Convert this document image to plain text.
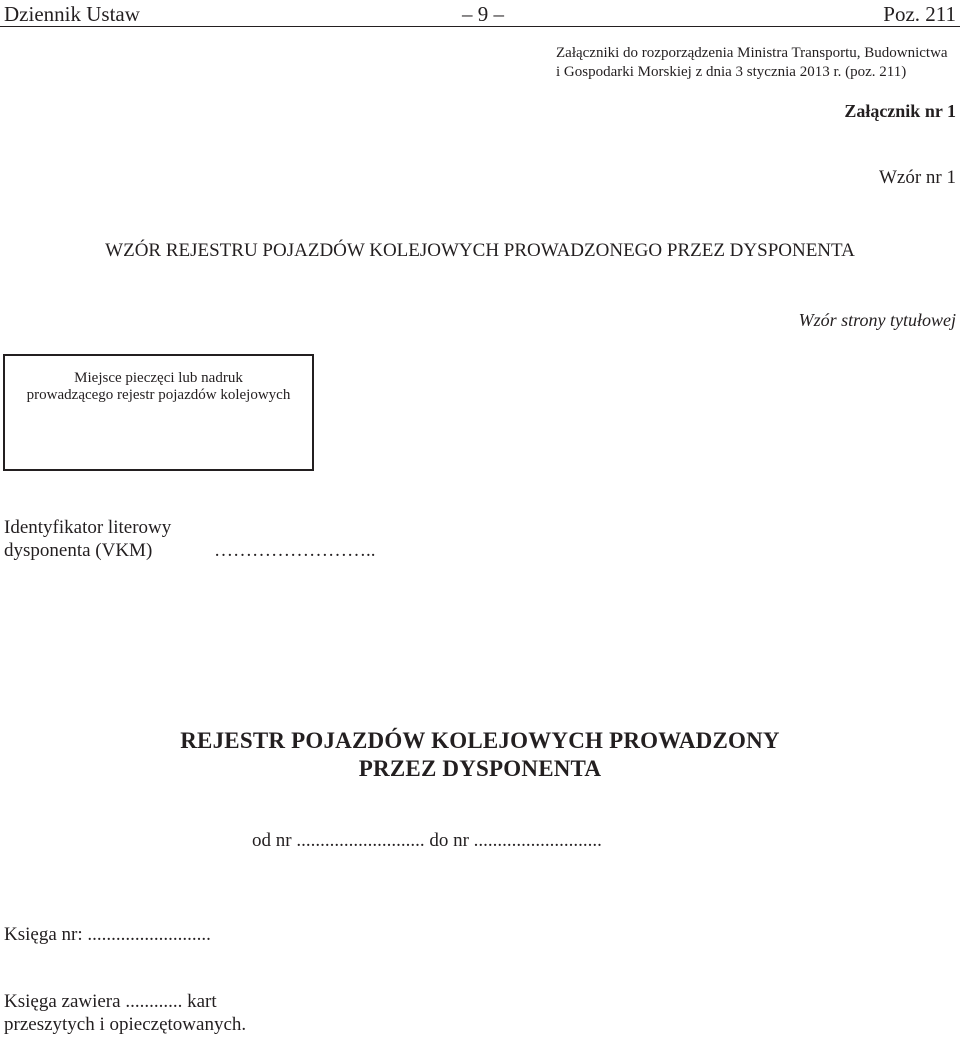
Dziennik Ustaw	– 9 –	Poz. 211
Załączniki do rozporządzenia Ministra Transportu, Budownictwa
i Gospodarki Morskiej z dnia 3 stycznia 2013 r. (poz. 211)
Załącznik nr 1
Wzór nr 1
WZÓR REJESTRU POJAZDÓW KOLEJOWYCH PROWADZONEGO PRZEZ DYSPONENTA
Wzór strony tytułowej
Miejsce pieczęci lub nadruk
prowadzącego rejestr pojazdów kolejowych
Identyfikator literowy
dysponenta (VKM)	……………………..
REJESTR POJAZDÓW KOLEJOWYCH PROWADZONY
PRZEZ DYSPONENTA
od nr ........................... do nr ...........................
Księga nr: ..........................
Księga zawiera ............ kart
przeszytych i opieczętowanych.
